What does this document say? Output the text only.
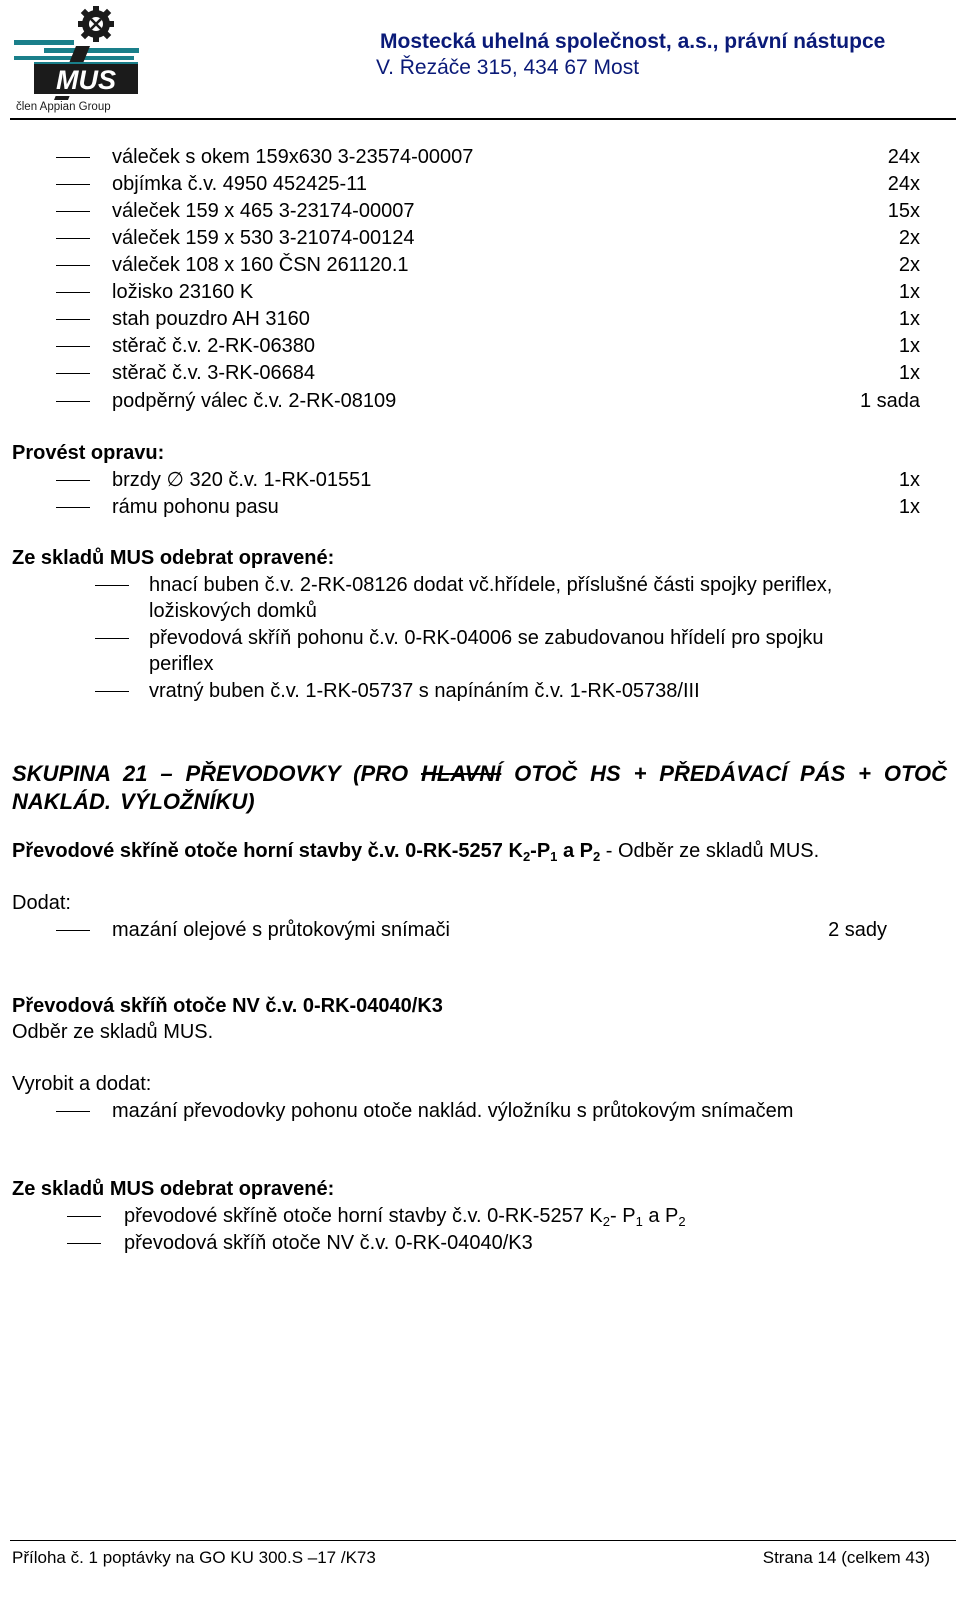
MUS
člen Appian Group
Mostecká uhelná společnost, a.s., právní nástupce
V. Řezáče 315, 434 67 Most
váleček s okem 159x630 3-23574-00007	24x
objímka č.v. 4950 452425-11	24x
váleček 159 x 465 3-23174-00007	15x
váleček 159 x 530 3-21074-00124	2x
váleček 108 x 160 ČSN 261120.1	2x
ložisko 23160 K	1x
stah pouzdro AH 3160	1x
stěrač č.v. 2-RK-06380	1x
stěrač č.v. 3-RK-06684	1x
podpěrný válec č.v. 2-RK-08109	1 sada
Provést opravu:
brzdy ∅ 320 č.v. 1-RK-01551	1x
rámu pohonu pasu	1x
Ze skladů MUS odebrat opravené:
hnací buben č.v. 2-RK-08126 dodat vč.hřídele, příslušné části spojky periflex,
ložiskových domků
převodová skříň pohonu č.v. 0-RK-04006 se zabudovanou hřídelí pro spojku
periflex
vratný buben č.v. 1-RK-05737 s napínáním č.v. 1-RK-05738/III
SKUPINA 21 – PŘEVODOVKY (PRO HLAVNÍ OTOČ HS + PŘEDÁVACÍ PÁS + OTOČ NAKLÁD. VÝLOŽNÍKU)
Převodové skříně otoče horní stavby č.v. 0-RK-5257 $K_2-P_1$ a $P_2$ - Odběr ze skladů MUS.
Dodat:
mazání olejové s průtokovými snímači	2 sady
Převodová skříň otoče NV č.v. 0-RK-04040/K3
Odběr ze skladů MUS.
Vyrobit a dodat:
mazání převodovky pohonu otoče naklád. výložníku s průtokovým snímačem
Ze skladů MUS odebrat opravené:
převodové skříně otoče horní stavby č.v. 0-RK-5257 $K_2-$ $P_1$ a $P_2$
převodová skříň otoče NV č.v. 0-RK-04040/K3
Příloha č. 1 poptávky na GO KU 300.S –17 /K73	Strana 14 (celkem 43)
